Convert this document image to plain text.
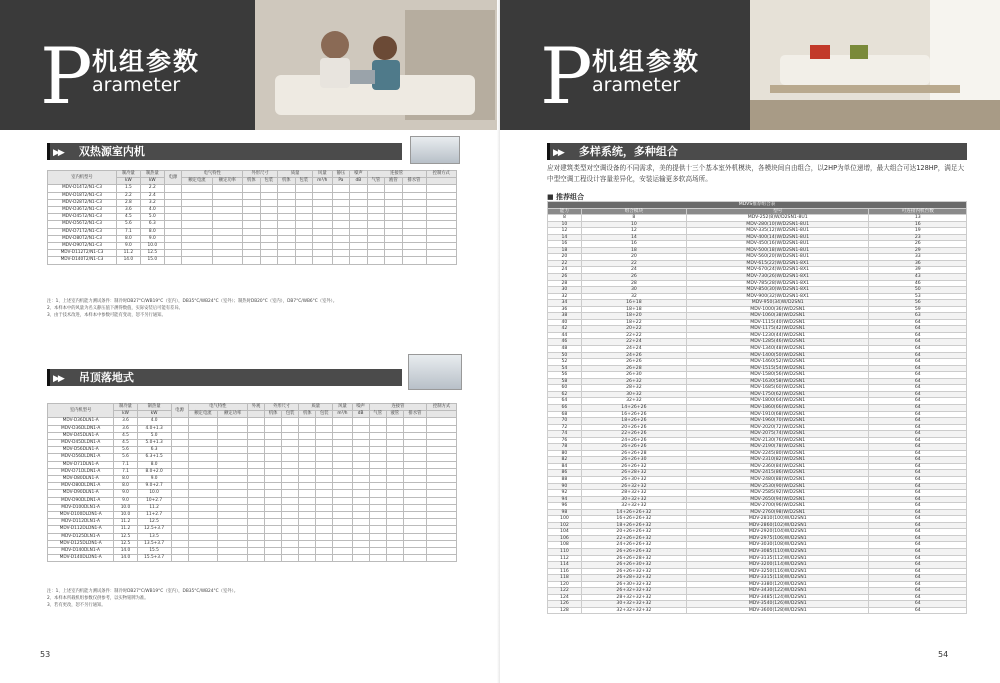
P 机组参数
arameter
▶▶ 双热源室内机
室内机型号	制冷量	制热量	电源	电气特性		外形尺寸		质量		风量	静压	噪声	连接管			控制方式
	kW	kW		额定电流	额定功率	机体	包装	机体	包装	m³/h	Pa	dB	气管	液管	排水管	
MDV-D14T2/N1-C3	1.5	2.2														
MDV-D18T2/N1-C3	2.2	2.4														
MDV-D28T2/N1-C3	2.8	3.2														
MDV-D36T2/N1-C3	3.6	4.0														
MDV-D45T2/N1-C3	4.5	5.0														
MDV-D56T2/N1-C3	5.6	6.3														
MDV-D71T2/N1-C3	7.1	8.0														
MDV-D80T2/N1-C3	8.0	9.0														
MDV-D90T2/N1-C3	9.0	10.0														
MDV-D112T2/N1-C3	11.2	12.5														
MDV-D140T2/N1-C3	14.0	15.0														
注：1、上述室内机能力测试条件：制冷时DB27°C/WB19°C（室内），DB35°C/WB24°C（室外）；制热时DB20°C（室内），DB7°C/WB6°C（室外）。
2、本样本中的风量为名义静压值下测得数值，实际安装后可能有差异。
3、由于技术改进，本样本中参数可能有变动，恕不另行通知。
▶▶ 吊顶落地式
室内机型号	制冷量	制热量	电源	电气特性		外观	外形尺寸		质量		风量	噪声	连接管			控制方式
	kW	kW		额定电流	额定功率		机体	包装	机体	包装	m³/h	dB	气管	液管	排水管	
MDV-D36DLN1-A	3.6	4.0														
MDV-D36DLDN1-A	3.6	4.0+1.3														
MDV-D45DLN1-A	4.5	5.0														
MDV-D45DLDN1-A	4.5	5.0+1.3														
MDV-D56DLN1-A	5.6	6.3														
MDV-D56DLDN1-A	5.6	6.3+1.5														
MDV-D71DLN1-A	7.1	8.0														
MDV-D71DLDN1-A	7.1	8.0+2.0														
MDV-D80DLN1-A	8.0	9.0														
MDV-D80DLDN1-A	8.0	9.0+2.7														
MDV-D90DLN1-A	9.0	10.0														
MDV-D90DLDN1-A	9.0	10+2.7														
MDV-D100DLN1-A	10.0	11.2														
MDV-D100DLDN1-A	10.0	11+2.7														
MDV-D112DLN1-A	11.2	12.5														
MDV-D112DLDN1-A	11.2	12.5+3.7														
MDV-D125DLN1-A	12.5	13.5														
MDV-D125DLDN1-A	12.5	13.5+3.7														
MDV-D140DLN1-A	14.0	15.5														
MDV-D140DLDN1-A	14.0	15.5+3.7														
注：1、上述室内机能力测试条件：制冷时DB27°C/WB19°C（室内），DB35°C/WB24°C（室外）。
2、本样本所载机组参数仅供参考，以实物铭牌为准。
3、若有更改，恕不另行通知。
53
P 机组参数
arameter
▶▶ 多样系统，多种组合
应对建筑类型对空调设备的不同需求，美的提供十三个基本室外机模块，各模块间自由组合，以2HP为单位递增，最大组合可达128HP，满足大中型空调工程设计容量差异化，安装运输更多软高场所。
■ 推荐组合
MDVS推荐组合表			
能力	组合模块	型号	可连接内机台数
8	8	MDV-252(8)W/D2SN1-8U1	13
10	10	MDV-280(10)W/D2SN1-8U1	16
12	12	MDV-335(12)W/D2SN1-8U1	19
14	14	MDV-400(14)W/D2SN1-8U1	23
16	16	MDV-450(16)W/D2SN1-8U1	26
18	18	MDV-500(18)W/D2SN1-8U1	29
20	20	MDV-560(20)W/D2SN1-8U1	33
22	22	MDV-615(22)W/D2SN1-8X1	36
24	24	MDV-670(24)W/D2SN1-8X1	39
26	26	MDV-730(26)W/D2SN1-8X1	43
28	28	MDV-785(28)W/D2SN1-8X1	46
30	30	MDV-850(30)W/D2SN1-8X1	50
32	32	MDV-900(32)W/D2SN1-8X1	53
34	16+18	MDV-950(34)W/D2SN1	56
36	18+18	MDV-1000(36)W/D2SN1	59
38	18+20	MDV-1060(38)W/D2SN1	63
40	18+22	MDV-1115(40)W/D2SN1	64
42	20+22	MDV-1175(42)W/D2SN1	64
44	22+22	MDV-1230(44)W/D2SN1	64
46	22+24	MDV-1285(46)W/D2SN1	64
48	24+24	MDV-1340(48)W/D2SN1	64
50	24+26	MDV-1400(50)W/D2SN1	64
52	26+26	MDV-1460(52)W/D2SN1	64
54	26+28	MDV-1515(54)W/D2SN1	64
56	26+30	MDV-1580(56)W/D2SN1	64
58	26+32	MDV-1630(58)W/D2SN1	64
60	28+32	MDV-1685(60)W/D2SN1	64
62	30+32	MDV-1750(62)W/D2SN1	64
64	32+32	MDV-1800(64)W/D2SN1	64
66	14+26+26	MDV-1860(66)W/D2SN1	64
68	16+26+26	MDV-1910(68)W/D2SN1	64
70	18+26+26	MDV-1960(70)W/D2SN1	64
72	20+26+26	MDV-2020(72)W/D2SN1	64
74	22+26+26	MDV-2075(74)W/D2SN1	64
76	24+26+26	MDV-2130(76)W/D2SN1	64
78	26+26+26	MDV-2190(78)W/D2SN1	64
80	26+26+28	MDV-2245(80)W/D2SN1	64
82	26+26+30	MDV-2310(82)W/D2SN1	64
84	26+26+32	MDV-2360(84)W/D2SN1	64
86	26+28+32	MDV-2415(86)W/D2SN1	64
88	26+30+32	MDV-2480(88)W/D2SN1	64
90	26+32+32	MDV-2530(90)W/D2SN1	64
92	28+32+32	MDV-2585(92)W/D2SN1	64
94	30+32+32	MDV-2650(94)W/D2SN1	64
96	32+32+32	MDV-2700(96)W/D2SN1	64
98	14+26+26+32	MDV-2760(98)W/D2SN1	64
100	16+26+26+32	MDV-2810(100)W/D2SN1	64
102	18+26+26+32	MDV-2860(102)W/D2SN1	64
104	20+26+26+32	MDV-2920(104)W/D2SN1	64
106	22+26+26+32	MDV-2975(106)W/D2SN1	64
108	24+26+26+32	MDV-3030(108)W/D2SN1	64
110	26+26+26+32	MDV-3085(110)W/D2SN1	64
112	26+26+28+32	MDV-3135(112)W/D2SN1	64
114	26+26+30+32	MDV-3200(114)W/D2SN1	64
116	26+26+32+32	MDV-3250(116)W/D2SN1	64
118	26+28+32+32	MDV-3315(118)W/D2SN1	64
120	26+30+32+32	MDV-3380(120)W/D2SN1	64
122	26+32+32+32	MDV-3430(122)W/D2SN1	64
124	28+32+32+32	MDV-3485(124)W/D2SN1	64
126	30+32+32+32	MDV-3540(126)W/D2SN1	64
128	32+32+32+32	MDV-3600(128)W/D2SN1	64
54
